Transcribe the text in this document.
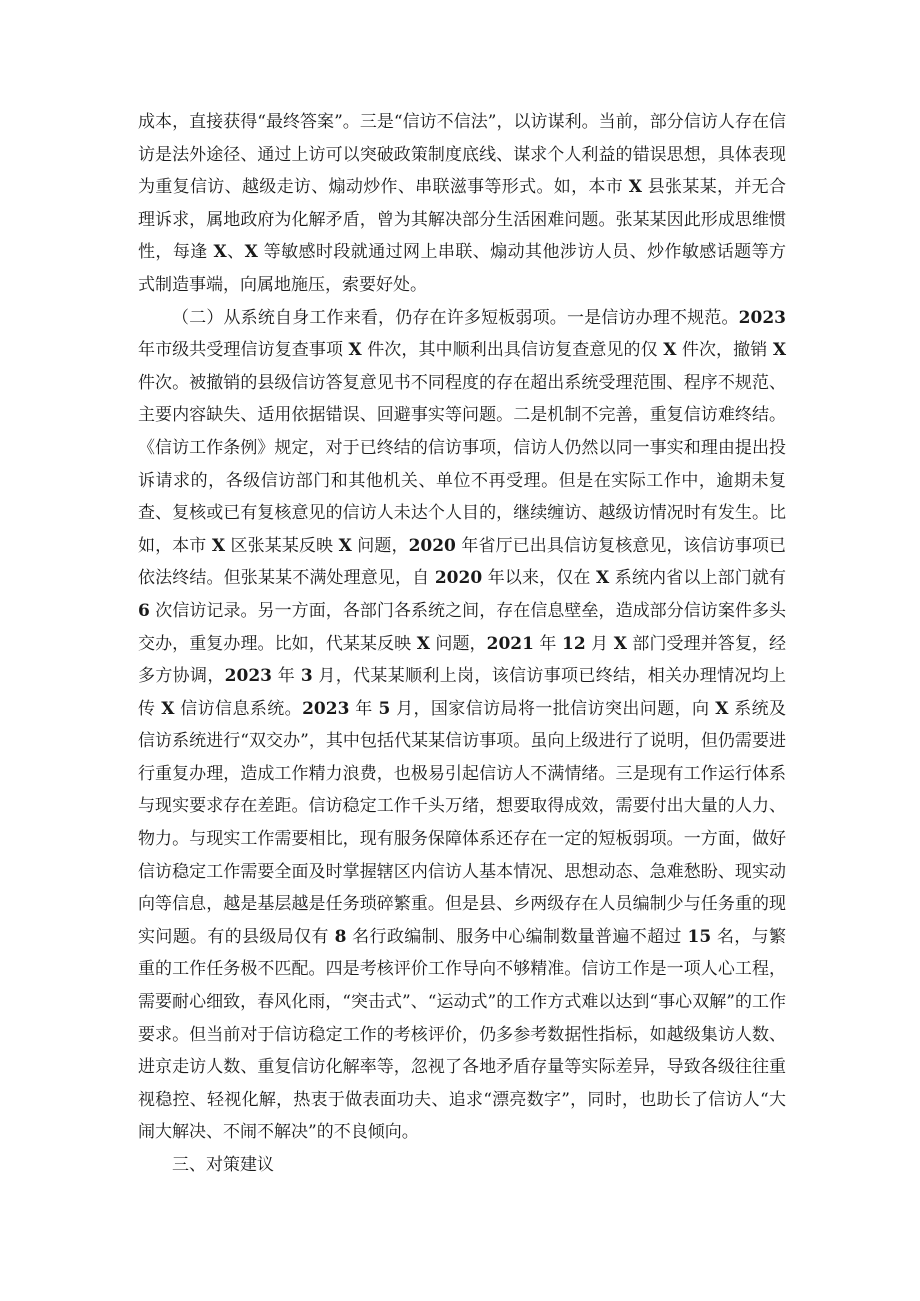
成本，直接获得“最终答案”。三是“信访不信法”，以访谋利。当前，部分信访人存在信访是法外途径、通过上访可以突破政策制度底线、谋求个人利益的错误思想，具体表现为重复信访、越级走访、煽动炒作、串联滋事等形式。如，本市 X 县张某某，并无合理诉求，属地政府为化解矛盾，曾为其解决部分生活困难问题。张某某因此形成思维惯性，每逢 X、X 等敏感时段就通过网上串联、煽动其他涉访人员、炒作敏感话题等方式制造事端，向属地施压，索要好处。

（二）从系统自身工作来看，仍存在许多短板弱项。一是信访办理不规范。2023 年市级共受理信访复查事项 X 件次，其中顺利出具信访复查意见的仅 X 件次，撤销 X 件次。被撤销的县级信访答复意见书不同程度的存在超出系统受理范围、程序不规范、主要内容缺失、适用依据错误、回避事实等问题。二是机制不完善，重复信访难终结。《信访工作条例》规定，对于已终结的信访事项，信访人仍然以同一事实和理由提出投诉请求的，各级信访部门和其他机关、单位不再受理。但是在实际工作中，逾期未复查、复核或已有复核意见的信访人未达个人目的，继续缠访、越级访情况时有发生。比如，本市 X 区张某某反映 X 问题，2020 年省厅已出具信访复核意见，该信访事项已依法终结。但张某某不满处理意见，自 2020 年以来，仅在 X 系统内省以上部门就有 6 次信访记录。另一方面，各部门各系统之间，存在信息壁垒，造成部分信访案件多头交办，重复办理。比如，代某某反映 X 问题，2021 年 12 月 X 部门受理并答复，经多方协调，2023 年 3 月，代某某顺利上岗，该信访事项已终结，相关办理情况均上传 X 信访信息系统。2023 年 5 月，国家信访局将一批信访突出问题，向 X 系统及信访系统进行“双交办”，其中包括代某某信访事项。虽向上级进行了说明，但仍需要进行重复办理，造成工作精力浪费，也极易引起信访人不满情绪。三是现有工作运行体系与现实要求存在差距。信访稳定工作千头万绪，想要取得成效，需要付出大量的人力、物力。与现实工作需要相比，现有服务保障体系还存在一定的短板弱项。一方面，做好信访稳定工作需要全面及时掌握辖区内信访人基本情况、思想动态、急难愁盼、现实动向等信息，越是基层越是任务琐碎繁重。但是县、乡两级存在人员编制少与任务重的现实问题。有的县级局仅有 8 名行政编制、服务中心编制数量普遍不超过 15 名，与繁重的工作任务极不匹配。四是考核评价工作导向不够精准。信访工作是一项人心工程，需要耐心细致，春风化雨，“突击式”、“运动式”的工作方式难以达到“事心双解”的工作要求。但当前对于信访稳定工作的考核评价，仍多参考数据性指标，如越级集访人数、进京走访人数、重复信访化解率等，忽视了各地矛盾存量等实际差异，导致各级往往重视稳控、轻视化解，热衷于做表面功夫、追求“漂亮数字”，同时，也助长了信访人“大闹大解决、不闹不解决”的不良倾向。

三、对策建议
